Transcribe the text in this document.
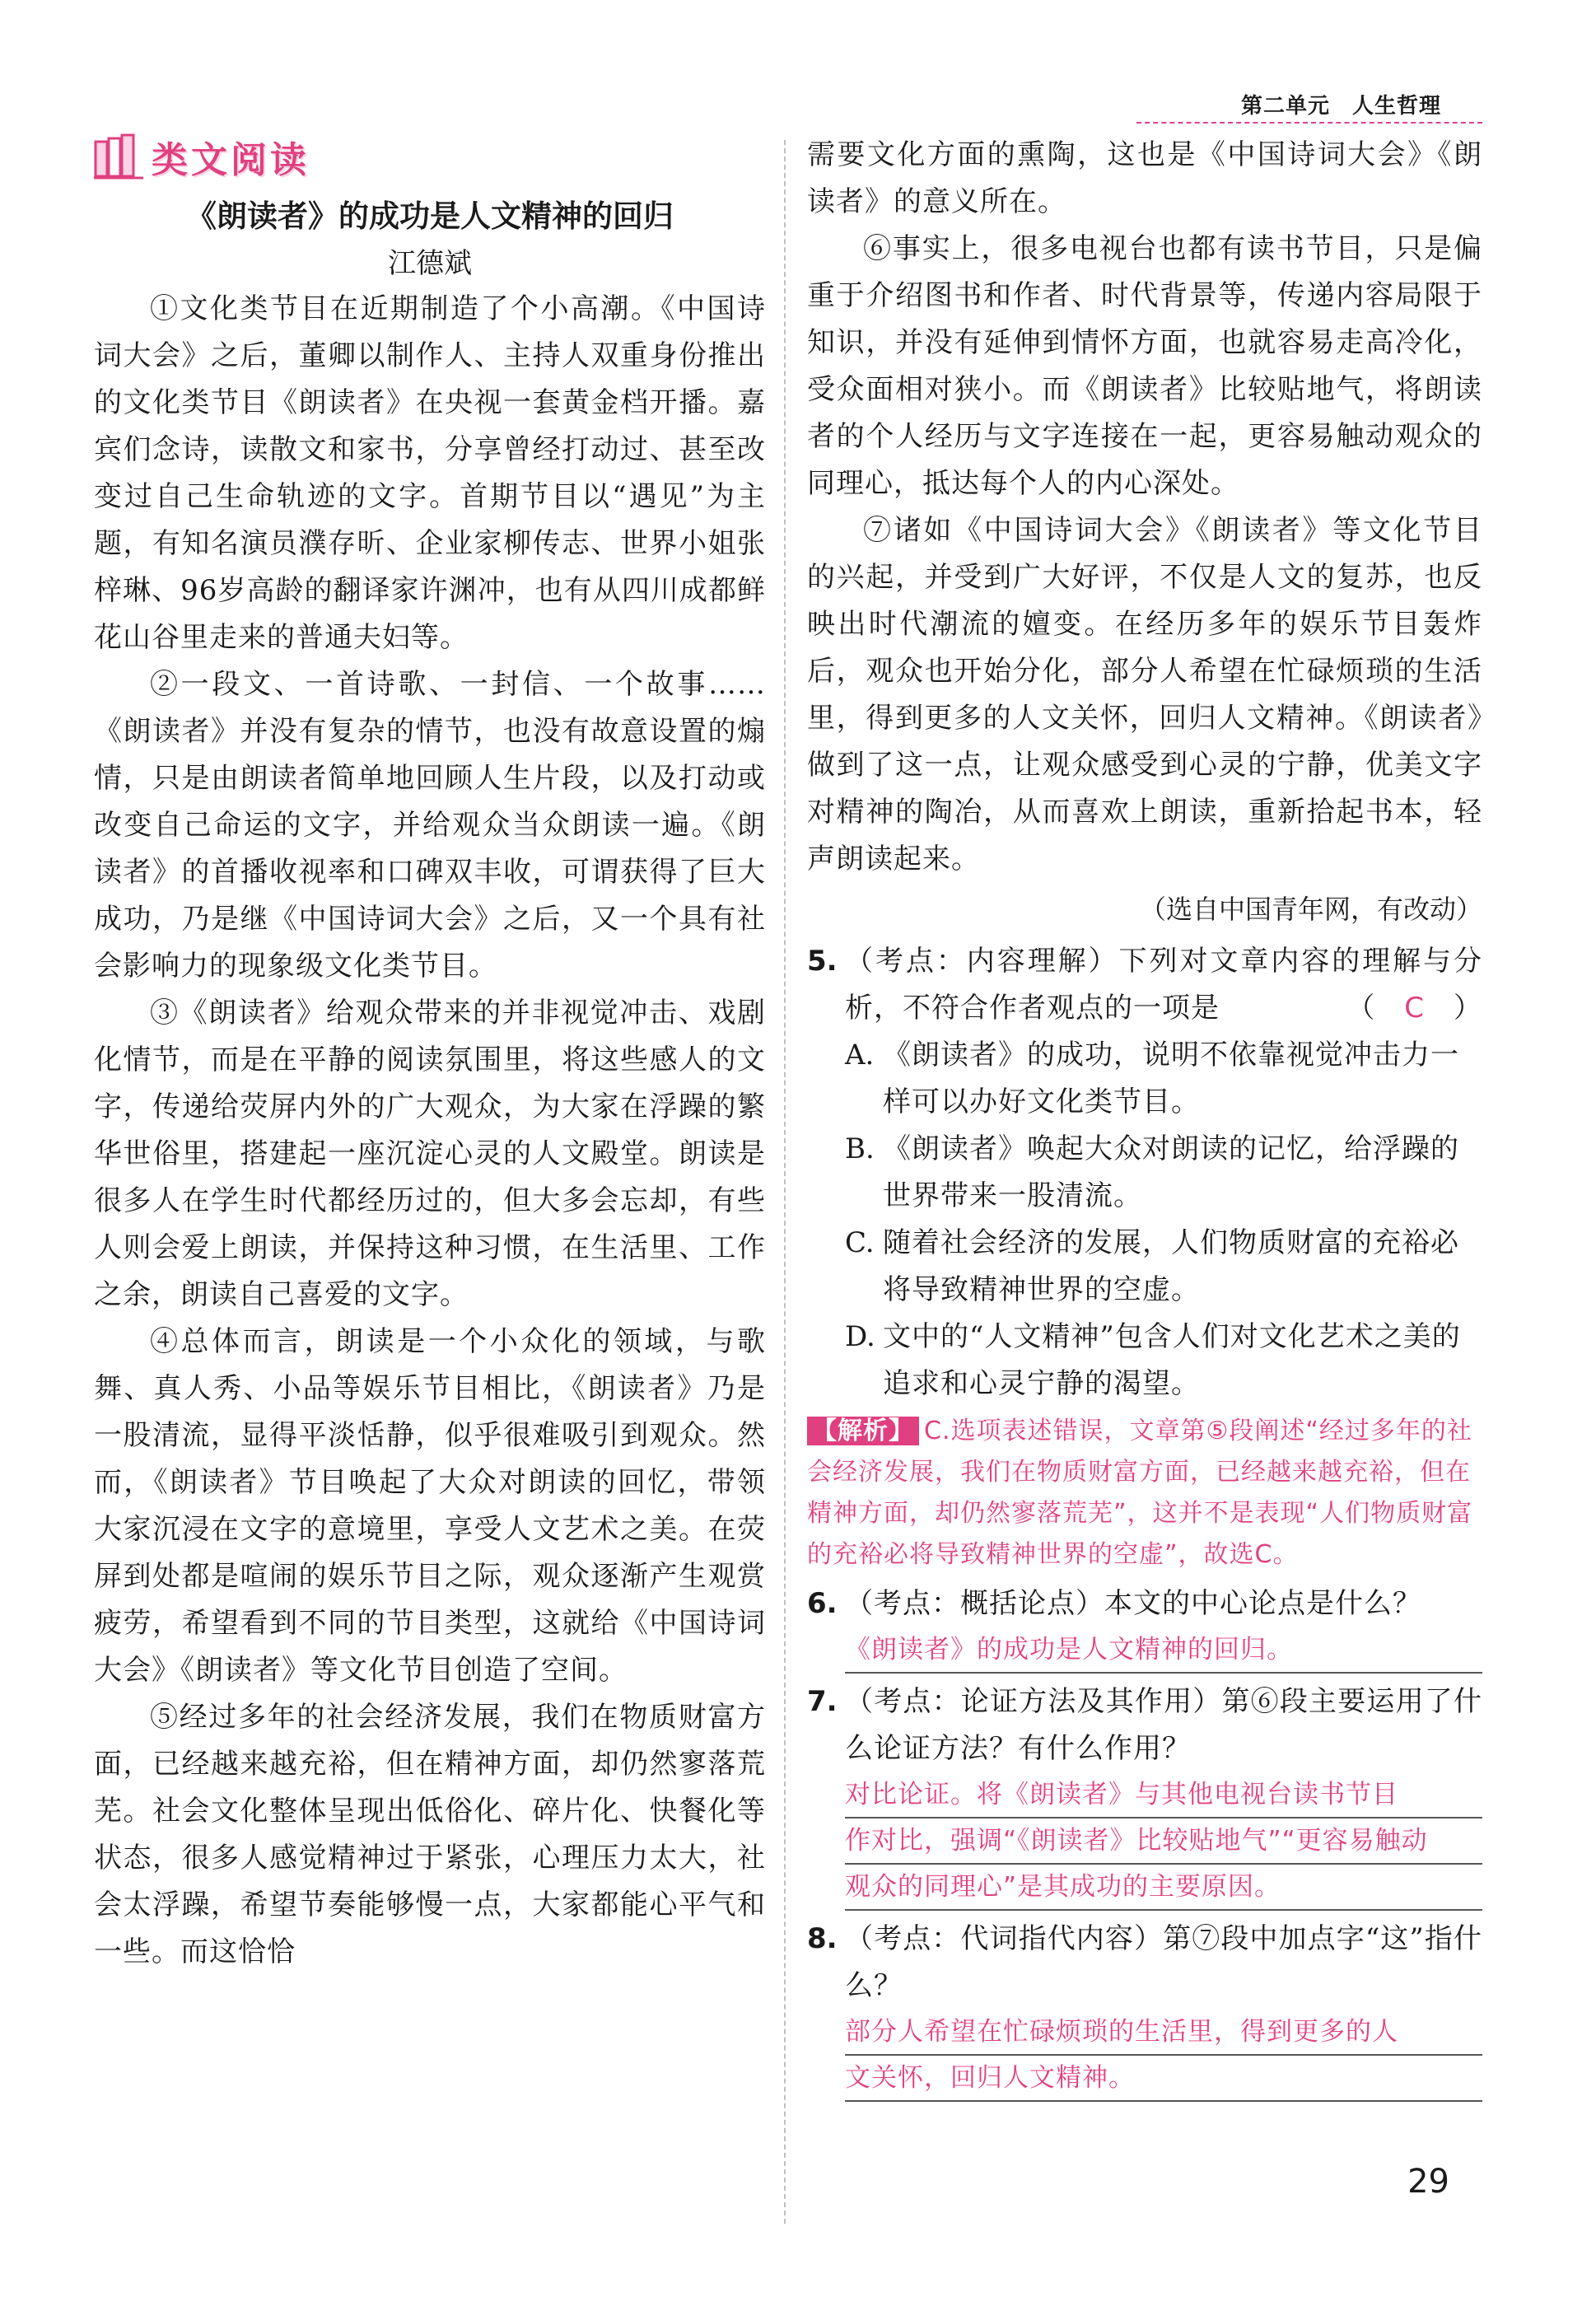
第二单元　人生哲理
类文阅读
《朗读者》的成功是人文精神的回归
江德斌

①文化类节目在近期制造了个小高潮。《中国诗词大会》之后，董卿以制作人、主持人双重身份推出的文化类节目《朗读者》在央视一套黄金档开播。嘉宾们念诗，读散文和家书，分享曾经打动过、甚至改变过自己生命轨迹的文字。首期节目以“遇见”为主题，有知名演员濮存昕、企业家柳传志、世界小姐张梓琳、96岁高龄的翻译家许渊冲，也有从四川成都鲜花山谷里走来的普通夫妇等。

②一段文、一首诗歌、一封信、一个故事……《朗读者》并没有复杂的情节，也没有故意设置的煽情，只是由朗读者简单地回顾人生片段，以及打动或改变自己命运的文字，并给观众当众朗读一遍。《朗读者》的首播收视率和口碑双丰收，可谓获得了巨大成功，乃是继《中国诗词大会》之后，又一个具有社会影响力的现象级文化类节目。

③《朗读者》给观众带来的并非视觉冲击、戏剧化情节，而是在平静的阅读氛围里，将这些感人的文字，传递给荧屏内外的广大观众，为大家在浮躁的繁华世俗里，搭建起一座沉淀心灵的人文殿堂。朗读是很多人在学生时代都经历过的，但大多会忘却，有些人则会爱上朗读，并保持这种习惯，在生活里、工作之余，朗读自己喜爱的文字。

④总体而言，朗读是一个小众化的领域，与歌舞、真人秀、小品等娱乐节目相比，《朗读者》乃是一股清流，显得平淡恬静，似乎很难吸引到观众。然而，《朗读者》节目唤起了大众对朗读的回忆，带领大家沉浸在文字的意境里，享受人文艺术之美。在荧屏到处都是喧闹的娱乐节目之际，观众逐渐产生观赏疲劳，希望看到不同的节目类型，这就给《中国诗词大会》《朗读者》等文化节目创造了空间。

⑤经过多年的社会经济发展，我们在物质财富方面，已经越来越充裕，但在精神方面，却仍然寥落荒芜。社会文化整体呈现出低俗化、碎片化、快餐化等状态，很多人感觉精神过于紧张，心理压力太大，社会太浮躁，希望节奏能够慢一点，大家都能心平气和一些。而这恰恰

需要文化方面的熏陶，这也是《中国诗词大会》《朗读者》的意义所在。

⑥事实上，很多电视台也都有读书节目，只是偏重于介绍图书和作者、时代背景等，传递内容局限于知识，并没有延伸到情怀方面，也就容易走高冷化，受众面相对狭小。而《朗读者》比较贴地气，将朗读者的个人经历与文字连接在一起，更容易触动观众的同理心，抵达每个人的内心深处。

⑦诸如《中国诗词大会》《朗读者》等文化节目的兴起，并受到广大好评，不仅是人文的复苏，也反映出时代潮流的嬗变。在经历多年的娱乐节目轰炸后，观众也开始分化，部分人希望在忙碌烦琐的生活里，得到更多的人文关怀，回归人文精神。《朗读者》做到了这一点，让观众感受到心灵的宁静，优美文字对精神的陶冶，从而喜欢上朗读，重新拾起书本，轻声朗读起来。

（选自中国青年网，有改动）
5. （考点：内容理解）下列对文章内容的理解与分析，不符合作者观点的一项是	（　 C　 ）
A. 《朗读者》的成功，说明不依靠视觉冲击力一样可以办好文化类节目。
B. 《朗读者》唤起大众对朗读的记忆，给浮躁的世界带来一股清流。
C. 随着社会经济的发展，人们物质财富的充裕必将导致精神世界的空虚。
D. 文中的“人文精神”包含人们对文化艺术之美的追求和心灵宁静的渴望。
【解析】 C.选项表述错误，文章第⑤段阐述“经过多年的社会经济发展，我们在物质财富方面，已经越来越充裕，但在精神方面，却仍然寥落荒芜”，这并不是表现“人们物质财富的充裕必将导致精神世界的空虚”，故选C。
6. （考点：概括论点）本文的中心论点是什么？
《朗读者》的成功是人文精神的回归。
7. （考点：论证方法及其作用）第⑥段主要运用了什么论证方法？有什么作用？
对比论证。将《朗读者》与其他电视台读书节目
作对比，强调“《朗读者》比较贴地气”“更容易触动
观众的同理心”是其成功的主要原因。
8. （考点：代词指代内容）第⑦段中加点字“这”指什么？
部分人希望在忙碌烦琐的生活里，得到更多的人
文关怀，回归人文精神。
29
